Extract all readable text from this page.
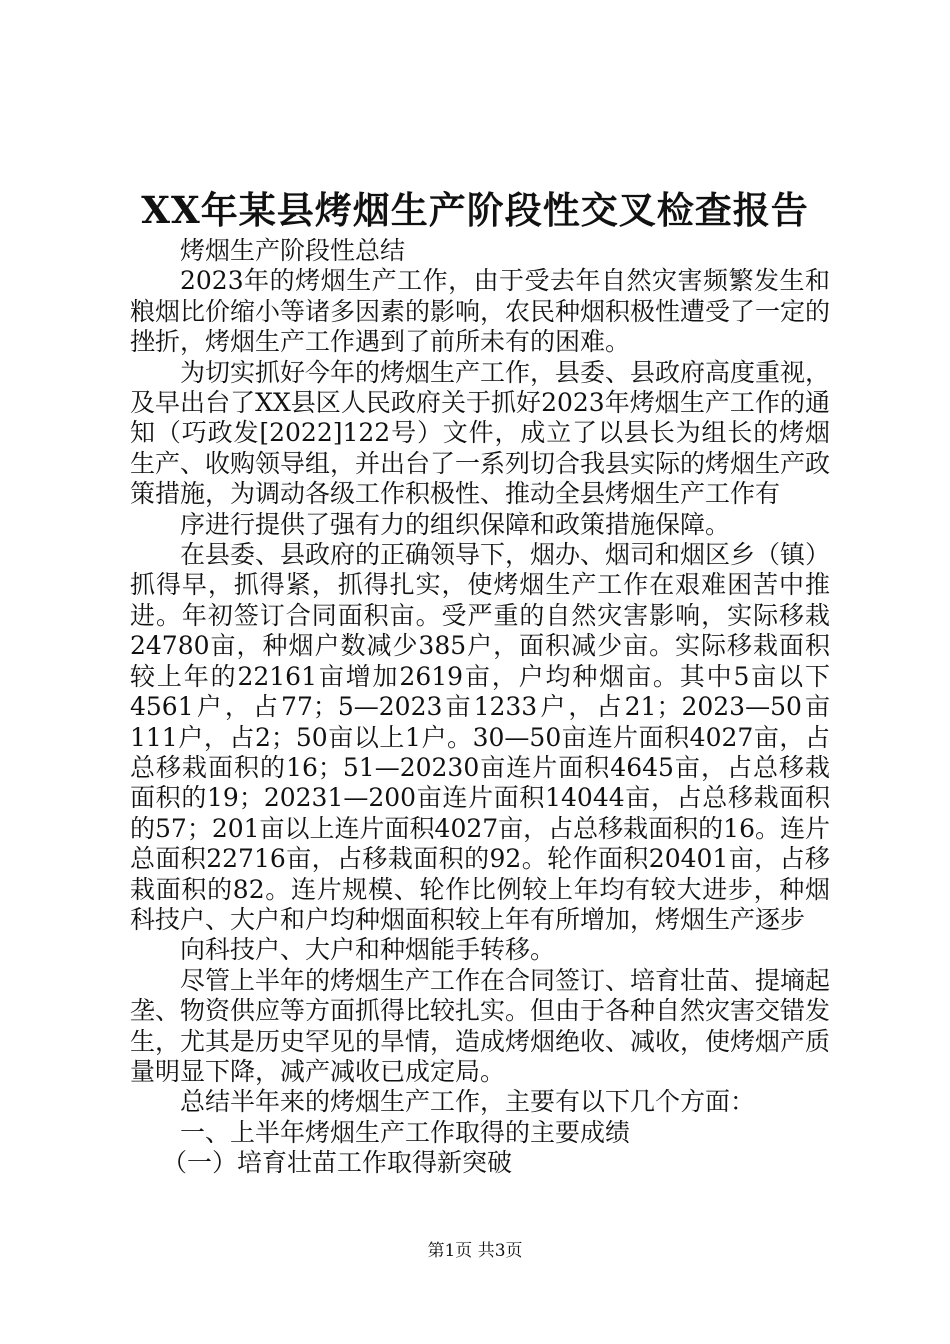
XX年某县烤烟生产阶段性交叉检查报告

烤烟生产阶段性总结

2023年的烤烟生产工作，由于受去年自然灾害频繁发生和粮烟比价缩小等诸多因素的影响，农民种烟积极性遭受了一定的挫折，烤烟生产工作遇到了前所未有的困难。

为切实抓好今年的烤烟生产工作，县委、县政府高度重视，及早出台了XX县区人民政府关于抓好2023年烤烟生产工作的通知（巧政发[2022]122号）文件，成立了以县长为组长的烤烟生产、收购领导组，并出台了一系列切合我县实际的烤烟生产政策措施，为调动各级工作积极性、推动全县烤烟生产工作有

序进行提供了强有力的组织保障和政策措施保障。

在县委、县政府的正确领导下，烟办、烟司和烟区乡（镇）抓得早，抓得紧，抓得扎实，使烤烟生产工作在艰难困苦中推进。年初签订合同面积亩。受严重的自然灾害影响，实际移栽24780亩，种烟户数减少385户，面积减少亩。实际移栽面积较上年的22161亩增加2619亩，户均种烟亩。其中5亩以下4561户，占77；5—2023亩1233户，占21；2023—50亩111户，占2；50亩以上1户。30—50亩连片面积4027亩，占总移栽面积的16；51—20230亩连片面积4645亩，占总移栽面积的19；20231—200亩连片面积14044亩，占总移栽面积的57；201亩以上连片面积4027亩，占总移栽面积的16。连片总面积22716亩，占移栽面积的92。轮作面积20401亩，占移栽面积的82。连片规模、轮作比例较上年均有较大进步，种烟科技户、大户和户均种烟面积较上年有所增加，烤烟生产逐步

向科技户、大户和种烟能手转移。

尽管上半年的烤烟生产工作在合同签订、培育壮苗、提墒起垄、物资供应等方面抓得比较扎实。但由于各种自然灾害交错发生，尤其是历史罕见的旱情，造成烤烟绝收、减收，使烤烟产质量明显下降，减产减收已成定局。

总结半年来的烤烟生产工作，主要有以下几个方面：

一、上半年烤烟生产工作取得的主要成绩

（一）培育壮苗工作取得新突破

第1页 共3页
